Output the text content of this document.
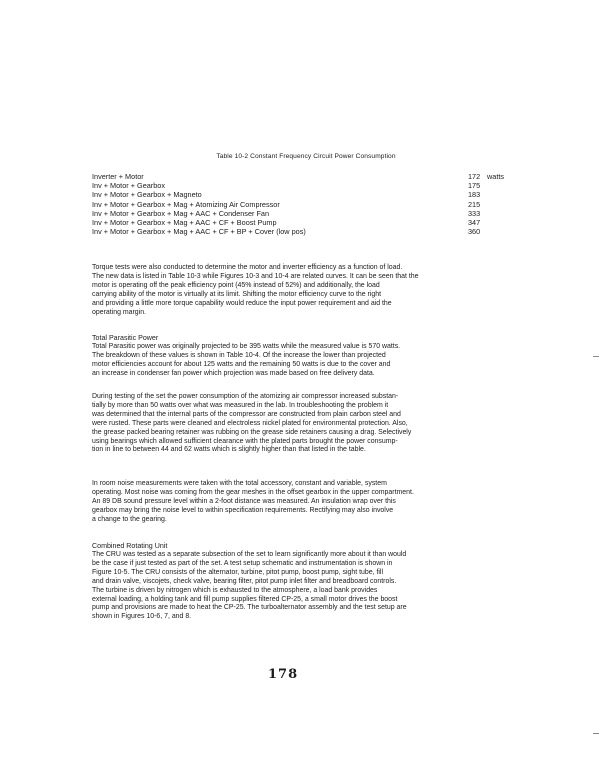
Table 10-2 Constant Frequency Circuit Power Consumption
Inverter + Motor	172 watts
Inv + Motor + Gearbox	175
Inv + Motor + Gearbox + Magneto	183
Inv + Motor + Gearbox + Mag + Atomizing Air Compressor	215
Inv + Motor + Gearbox + Mag + AAC + Condenser Fan	333
Inv + Motor + Gearbox + Mag + AAC + CF + Boost Pump	347
Inv + Motor + Gearbox + Mag + AAC + CF + BP + Cover (low pos)	360

Torque tests were also conducted to determine the motor and inverter efficiency as a function of load.
The new data is listed in Table 10-3 while Figures 10-3 and 10-4 are related curves. It can be seen that the
motor is operating off the peak efficiency point (45% instead of 52%) and additionally, the load
carrying ability of the motor is virtually at its limit. Shifting the motor efficiency curve to the right
and providing a little more torque capability would reduce the input power requirement and aid the
operating margin.

Total Parasitic Power

Total Parasitic power was originally projected to be 395 watts while the measured value is 570 watts.
The breakdown of these values is shown in Table 10-4. Of the increase the lower than projected
motor efficiencies account for about 125 watts and the remaining 50 watts is due to the cover and
an increase in condenser fan power which projection was made based on free delivery data.

During testing of the set the power consumption of the atomizing air compressor increased substan-
tially by more than 50 watts over what was measured in the lab. In troubleshooting the problem it
was determined that the internal parts of the compressor are constructed from plain carbon steel and
were rusted. These parts were cleaned and electroless nickel plated for environmental protection. Also,
the grease packed bearing retainer was rubbing on the grease side retainers causing a drag. Selectively
using bearings which allowed sufficient clearance with the plated parts brought the power consump-
tion in line to between 44 and 62 watts which is slightly higher than that listed in the table.

In room noise measurements were taken with the total accessory, constant and variable, system
operating. Most noise was coming from the gear meshes in the offset gearbox in the upper compartment.
An 89 DB sound pressure level within a 2-foot distance was measured. An insulation wrap over this
gearbox may bring the noise level to within specification requirements. Rectifying may also involve
a change to the gearing.

Combined Rotating Unit

The CRU was tested as a separate subsection of the set to learn significantly more about it than would
be the case if just tested as part of the set. A test setup schematic and instrumentation is shown in
Figure 10-5. The CRU consists of the alternator, turbine, pitot pump, boost pump, sight tube, fill
and drain valve, viscojets, check valve, bearing filter, pitot pump inlet filter and breadboard controls.
The turbine is driven by nitrogen which is exhausted to the atmosphere, a load bank provides
external loading, a holding tank and fill pump supplies filtered CP-25, a small motor drives the boost
pump and provisions are made to heat the CP-25. The turboalternator assembly and the test setup are
shown in Figures 10-6, 7, and 8.

178
